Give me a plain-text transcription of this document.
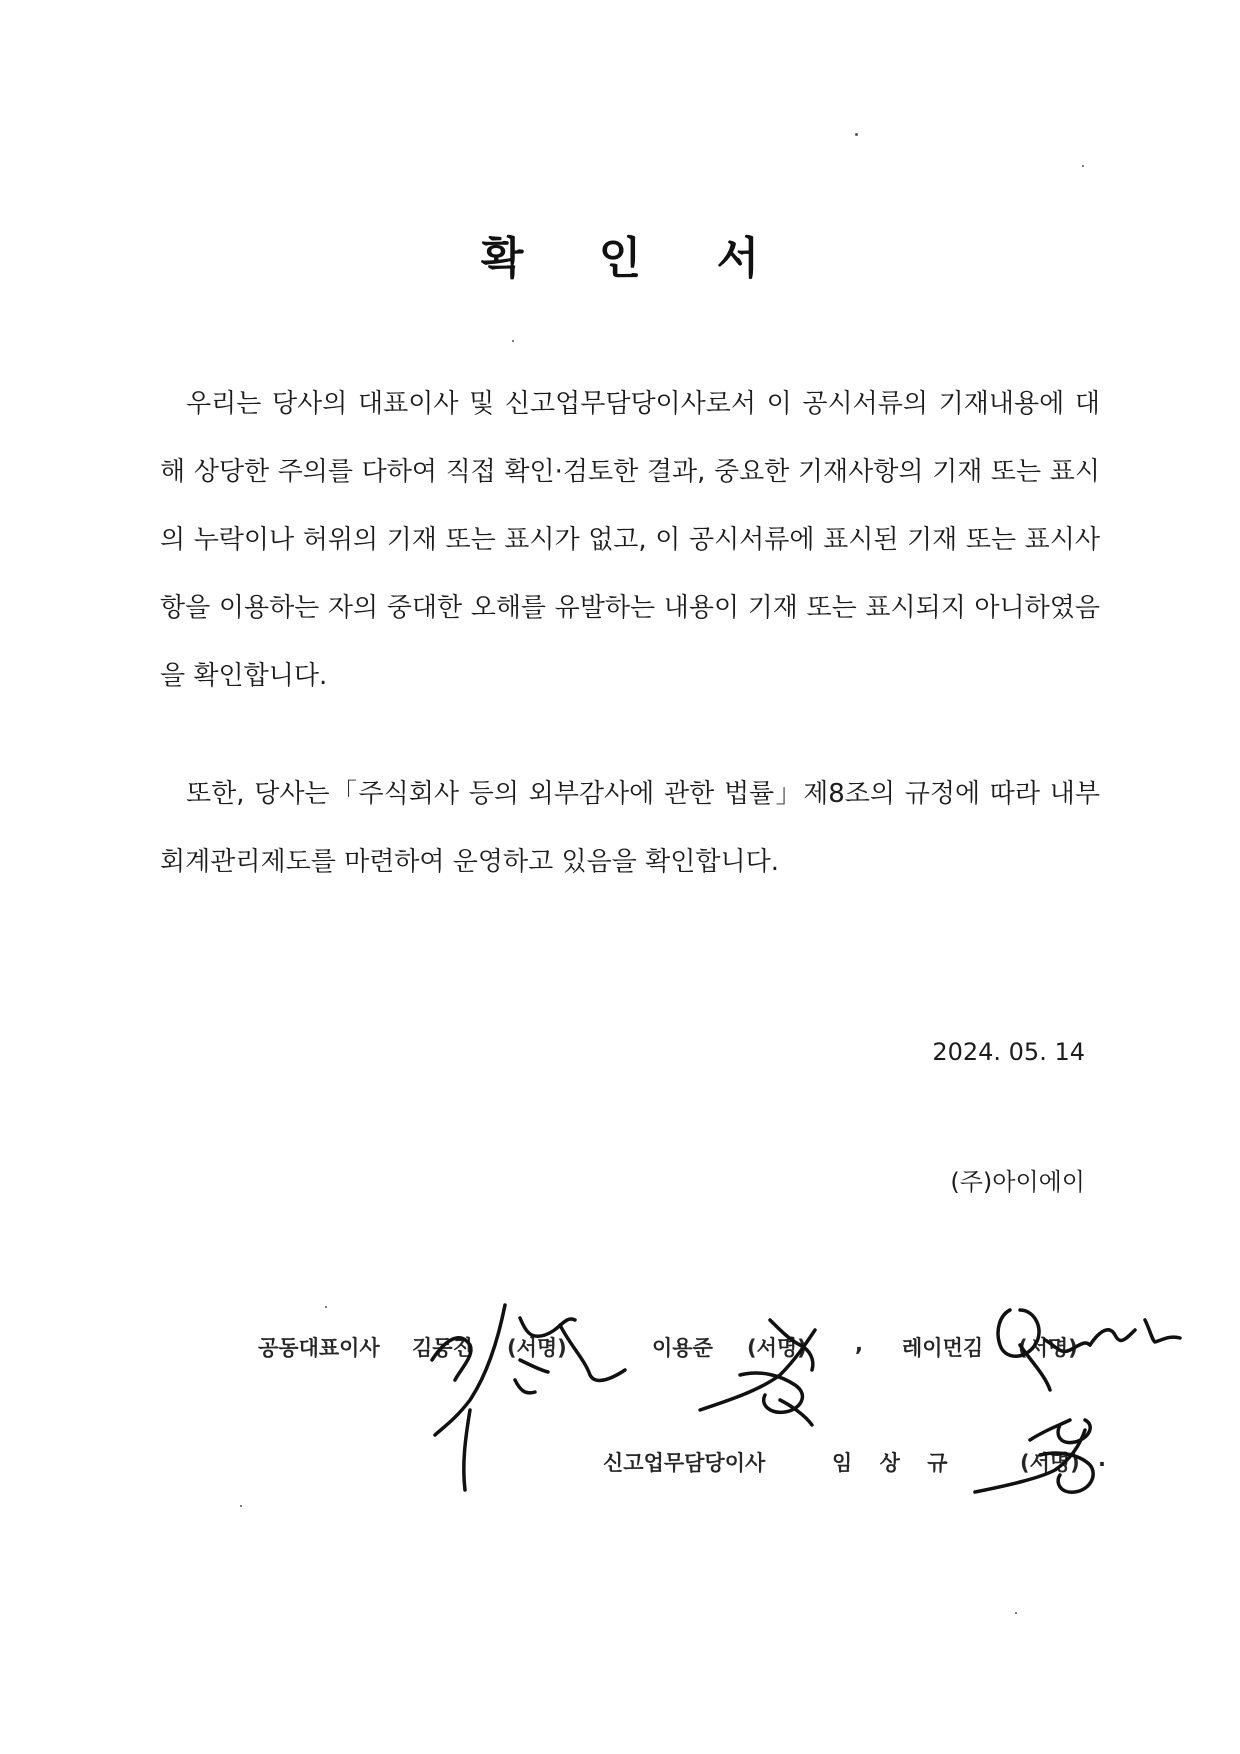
확 인 서
우리는 당사의 대표이사 및 신고업무담당이사로서 이 공시서류의 기재내용에 대해 상당한 주의를 다하여 직접 확인·검토한 결과, 중요한 기재사항의 기재 또는 표시의 누락이나 허위의 기재 또는 표시가 없고, 이 공시서류에 표시된 기재 또는 표시사항을 이용하는 자의 중대한 오해를 유발하는 내용이 기재 또는 표시되지 아니하였음을 확인합니다.
또한, 당사는「주식회사 등의 외부감사에 관한 법률」제8조의 규정에 따라 내부회계관리제도를 마련하여 운영하고 있음을 확인합니다.
2024. 05. 14
(주)아이에이
공동대표이사 김동진 (서명)	이용준 (서명) , 레이먼김 (서명)
신고업무담당이사	임 상 규	(서명) .
